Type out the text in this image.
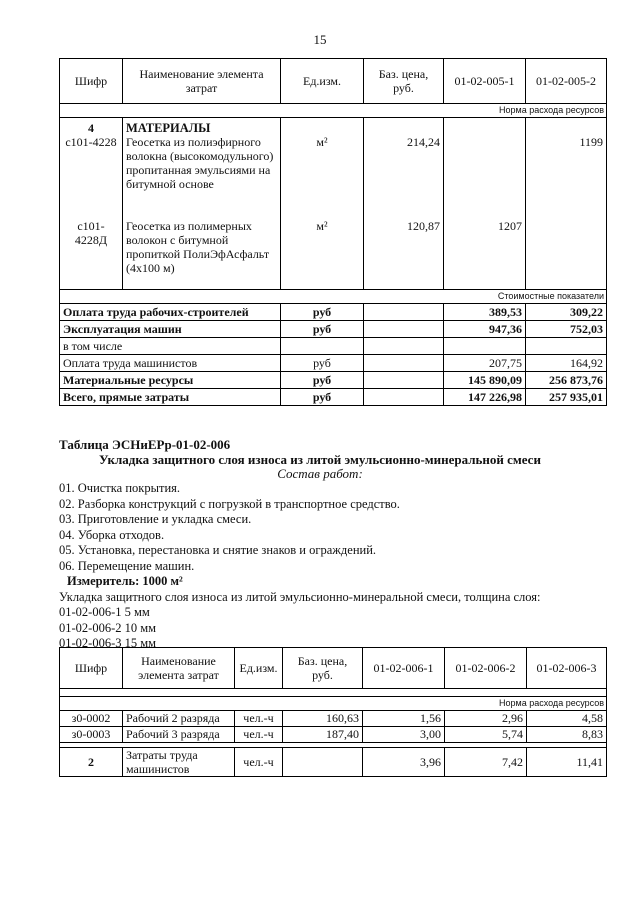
15
Шифр	Наименование элемента затрат	Ед.изм.	Баз. цена, руб.	01-02-005-1	01-02-005-2
Норма расхода ресурсов					
4	МАТЕРИАЛЫ				
с101-4228	Геосетка из полиэфирного волокна (высокомодульного) пропитанная эмульсиями на битумной основе	м²	214,24		1199
с101-4228Д	Геосетка из полимерных волокон с битумной пропиткой ПолиЭфАсфальт (4х100 м)	м²	120,87	1207	

Стоимостные показатели					
Оплата труда рабочих-строителей		руб		389,53	309,22
Эксплуатация машин		руб		947,36	752,03
в том числе					
Оплата труда машинистов		руб		207,75	164,92
Материальные ресурсы		руб		145 890,09	256 873,76
Всего, прямые затраты		руб		147 226,98	257 935,01
Таблица ЭСНиЕРр-01-02-006
Укладка защитного слоя износа из литой эмульсионно-минеральной смеси
Состав работ:
01. Очистка покрытия.
02. Разборка конструкций с погрузкой в транспортное средство.
03. Приготовление и укладка смеси.
04. Уборка отходов.
05. Установка, перестановка и снятие знаков и ограждений.
06. Перемещение машин.
Измеритель: 1000 м²
Укладка защитного слоя износа из литой эмульсионно-минеральной смеси, толщина слоя:
01-02-006-1 5 мм
01-02-006-2 10 мм
01-02-006-3 15 мм
Шифр	Наименование элемента затрат	Ед.изм.	Баз. цена, руб.	01-02-006-1	01-02-006-2	01-02-006-3

Норма расхода ресурсов						
з0-0002	Рабочий 2 разряда	чел.-ч	160,63	1,56	2,96	4,58
з0-0003	Рабочий 3 разряда	чел.-ч	187,40	3,00	5,74	8,83

2	Затраты труда машинистов	чел.-ч		3,96	7,42	11,41
